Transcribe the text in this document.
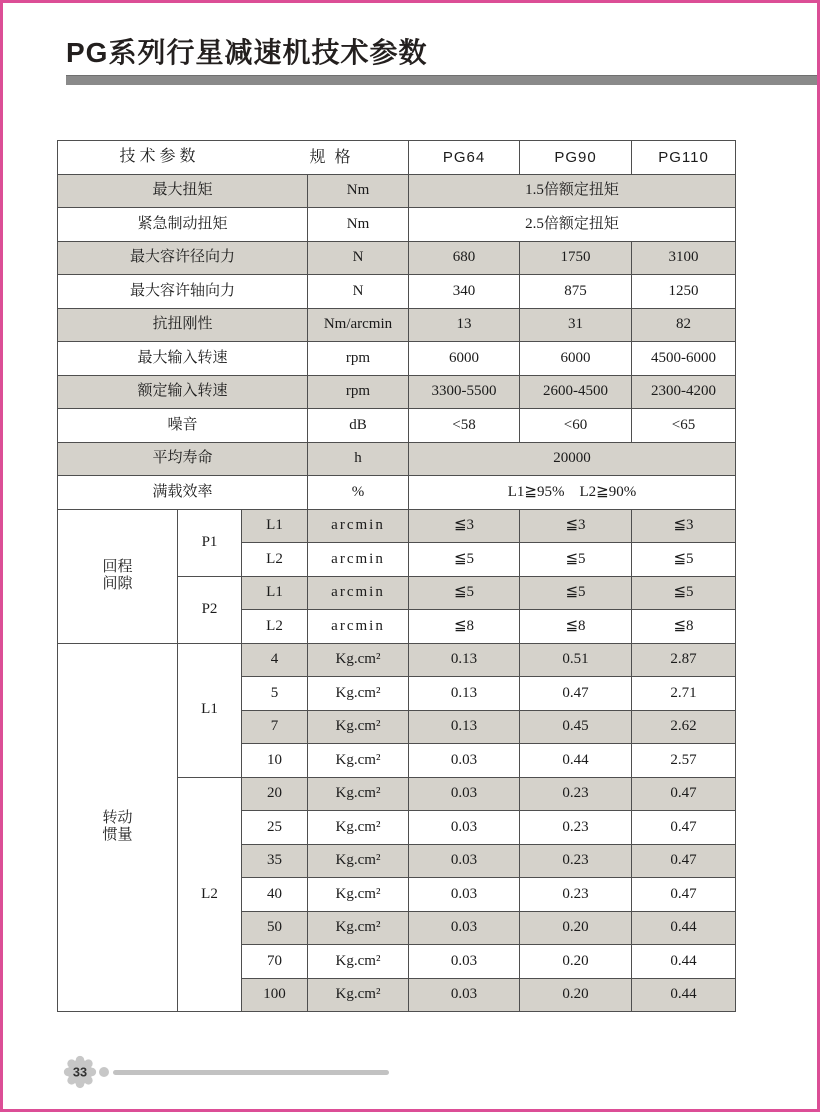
PG系列行星减速机技术参数
规格
技术参数				PG64	PG90	PG110
最大扭矩			Nm	1.5倍额定扭矩		
紧急制动扭矩			Nm	2.5倍额定扭矩		
最大容许径向力			N	680	1750	3100
最大容许轴向力			N	340	875	1250
抗扭刚性			Nm/arcmin	13	31	82
最大输入转速			rpm	6000	6000	4500-6000
额定输入转速			rpm	3300-5500	2600-4500	2300-4200
噪音			dB	<58	<60	<65
平均寿命			h	20000		
满载效率			%	L1≧95%　L2≧90%		

回程
间隙	P1	L1	arcmin	≦3	≦3	≦3
		L2	arcmin	≦5	≦5	≦5
	P2	L1	arcmin	≦5	≦5	≦5
		L2	arcmin	≦8	≦8	≦8

转动
惯量	L1	4	Kg.cm²	0.13	0.51	2.87
		5	Kg.cm²	0.13	0.47	2.71
		7	Kg.cm²	0.13	0.45	2.62
		10	Kg.cm²	0.03	0.44	2.57
	L2	20	Kg.cm²	0.03	0.23	0.47
		25	Kg.cm²	0.03	0.23	0.47
		35	Kg.cm²	0.03	0.23	0.47
		40	Kg.cm²	0.03	0.23	0.47
		50	Kg.cm²	0.03	0.20	0.44
		70	Kg.cm²	0.03	0.20	0.44
		100	Kg.cm²	0.03	0.20	0.44
33
